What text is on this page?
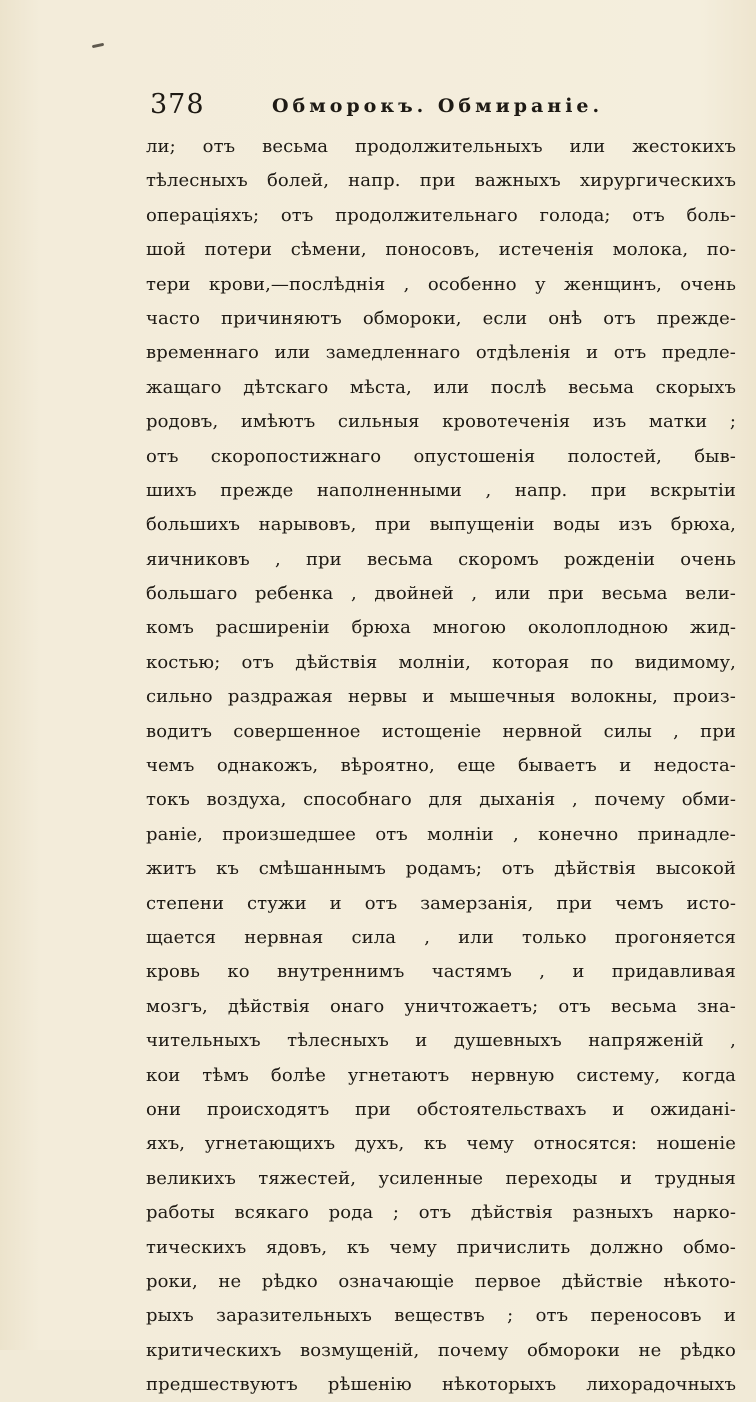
378	Обморокъ. Обмираніе.
ли; отъ весьма продолжительныхъ или жестокихъ
тѣлесныхъ болей, напр. при важныхъ хирургическихъ
операціяхъ; отъ продолжительнаго голода; отъ боль-
шой потери сѣмени, поносовъ, истеченія молока, по-
тери крови,—послѣднія , особенно у женщинъ, очень
часто причиняютъ обмороки, если онѣ отъ прежде-
временнаго или замедленнаго отдѣленія и отъ предле-
жащаго дѣтскаго мѣста, или послѣ весьма скорыхъ
родовъ, имѣютъ сильныя кровотеченія изъ матки ;
отъ скоропостижнаго опустошенія полостей, быв-
шихъ прежде наполненными , напр. при вскрытіи
большихъ нарывовъ, при выпущеніи воды изъ брюха,
яичниковъ , при весьма скоромъ рожденіи очень
большаго ребенка , двойней , или при весьма вели-
комъ расширеніи брюха многою околоплодною жид-
костью; отъ дѣйствія молніи, которая по видимому,
сильно раздражая нервы и мышечныя волокны, произ-
водитъ совершенное истощеніе нервной силы , при
чемъ однакожъ, вѣроятно, еще бываетъ и недоста-
токъ воздуха, способнаго для дыханія , почему обми-
раніе, произшедшее отъ молніи , конечно принадле-
житъ къ смѣшаннымъ родамъ; отъ дѣйствія высокой
степени стужи и отъ замерзанія, при чемъ исто-
щается нервная сила , или только прогоняется
кровь ко внутреннимъ частямъ , и придавливая
мозгъ, дѣйствія онаго уничтожаетъ; отъ весьма зна-
чительныхъ тѣлесныхъ и душевныхъ напряженій ,
кои тѣмъ болѣе угнетаютъ нервную систему, когда
они происходятъ при обстоятельствахъ и ожиданi-
яхъ, угнетающихъ духъ, къ чему относятся: ношеніе
великихъ тяжестей, усиленные переходы и трудныя
работы всякаго рода ; отъ дѣйствія разныхъ нарко-
тическихъ ядовъ, къ чему причислить должно обмо-
роки, не рѣдко означающіе первое дѣйствіе нѣкото-
рыхъ заразительныхъ веществъ ; отъ переносовъ и
критическихъ возмущеній, почему обмороки не рѣдко
предшествуютъ рѣшенію нѣкоторыхъ лихорадочныхъ
